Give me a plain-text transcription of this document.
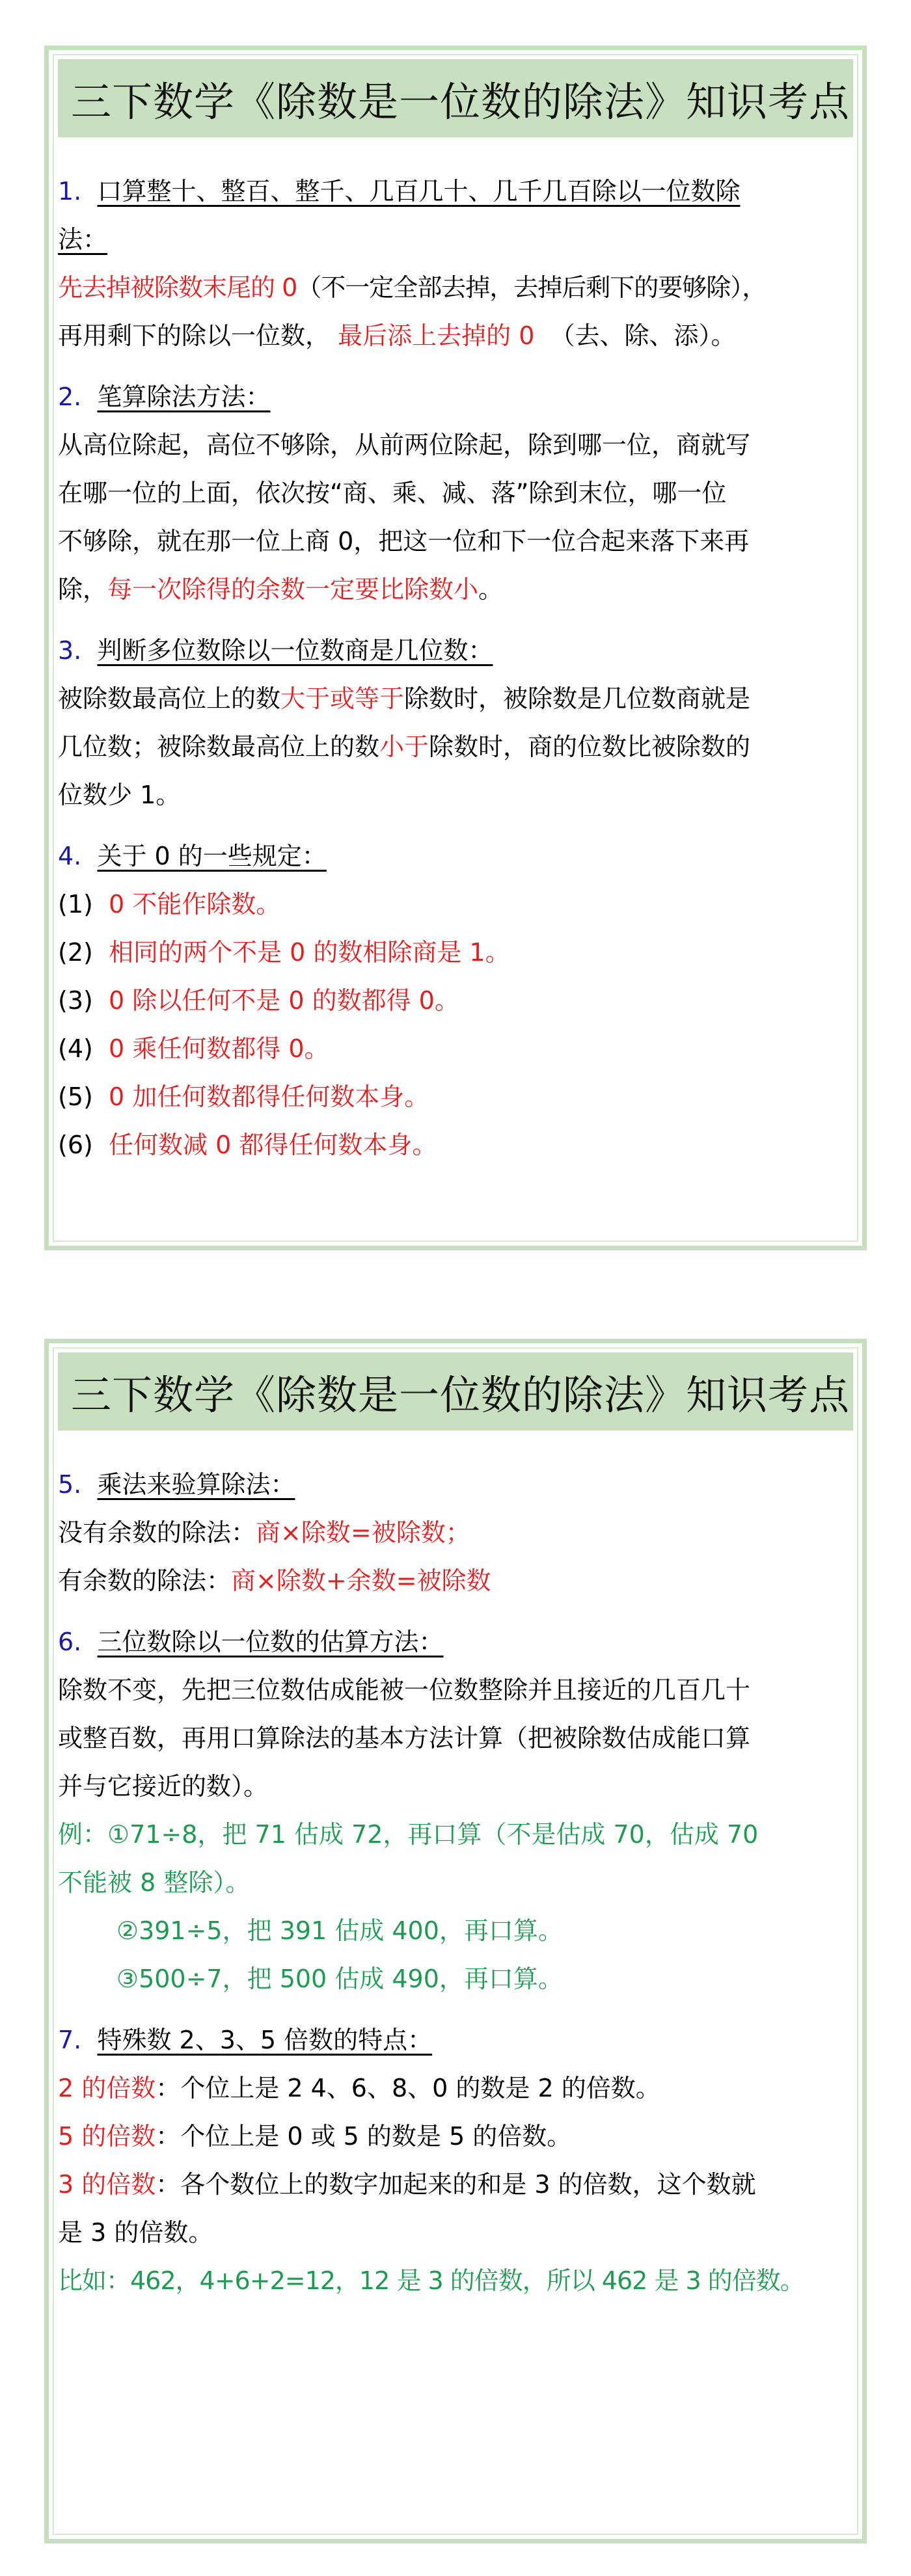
三下数学《除数是一位数的除法》知识考点
1. 口算整十、整百、整千、几百几十、几千几百除以一位数除
法：
先去掉被除数末尾的 0（不一定全部去掉，去掉后剩下的要够除），
再用剩下的除以一位数， 最后添上去掉的 0 （去、除、添）。
2. 笔算除法方法：
从高位除起，高位不够除，从前两位除起，除到哪一位，商就写
在哪一位的上面，依次按“商、乘、减、落”除到末位，哪一位
不够除，就在那一位上商 0，把这一位和下一位合起来落下来再
除，每一次除得的余数一定要比除数小。
3. 判断多位数除以一位数商是几位数：
被除数最高位上的数大于或等于除数时，被除数是几位数商就是
几位数；被除数最高位上的数小于除数时，商的位数比被除数的
位数少 1。
4. 关于 0 的一些规定：
(1) 0 不能作除数。
(2) 相同的两个不是 0 的数相除商是 1。
(3) 0 除以任何不是 0 的数都得 0。
(4) 0 乘任何数都得 0。
(5) 0 加任何数都得任何数本身。
(6) 任何数减 0 都得任何数本身。
三下数学《除数是一位数的除法》知识考点
5. 乘法来验算除法：
没有余数的除法：商×除数=被除数；
有余数的除法：商×除数+余数=被除数
6. 三位数除以一位数的估算方法：
除数不变，先把三位数估成能被一位数整除并且接近的几百几十
或整百数，再用口算除法的基本方法计算（把被除数估成能口算
并与它接近的数）。
例：①71÷8，把 71 估成 72，再口算（不是估成 70，估成 70
不能被 8 整除）。
②391÷5，把 391 估成 400，再口算。
③500÷7，把 500 估成 490，再口算。
7. 特殊数 2、3、5 倍数的特点：
2 的倍数：个位上是 2 4、6、8、0 的数是 2 的倍数。
5 的倍数：个位上是 0 或 5 的数是 5 的倍数。
3 的倍数：各个数位上的数字加起来的和是 3 的倍数，这个数就
是 3 的倍数。
比如：462，4+6+2=12，12 是 3 的倍数，所以 462 是 3 的倍数。
